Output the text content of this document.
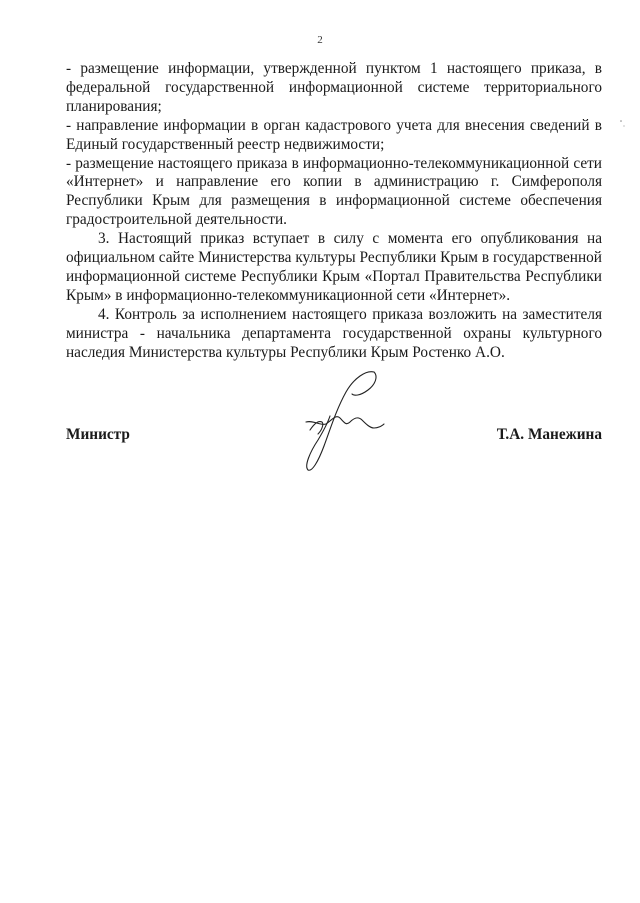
2

- размещение информации, утвержденной пунктом 1 настоящего приказа, в федеральной государственной информационной системе территориального планирования;

- направление информации в орган кадастрового учета для внесения сведений в Единый государственный реестр недвижимости;

- размещение настоящего приказа в информационно-телекоммуникационной сети «Интернет» и направление его копии в администрацию г. Симферополя Республики Крым для размещения в информационной системе обеспечения градостроительной деятельности.

3. Настоящий приказ вступает в силу с момента его опубликования на официальном сайте Министерства культуры Республики Крым в государственной информационной системе Республики Крым «Портал Правительства Республики Крым» в информационно-телекоммуникационной сети «Интернет».

4. Контроль за исполнением настоящего приказа возложить на заместителя министра - начальника департамента государственной охраны культурного наследия Министерства культуры Республики Крым Ростенко А.О.

Министр	Т.А. Манежина
